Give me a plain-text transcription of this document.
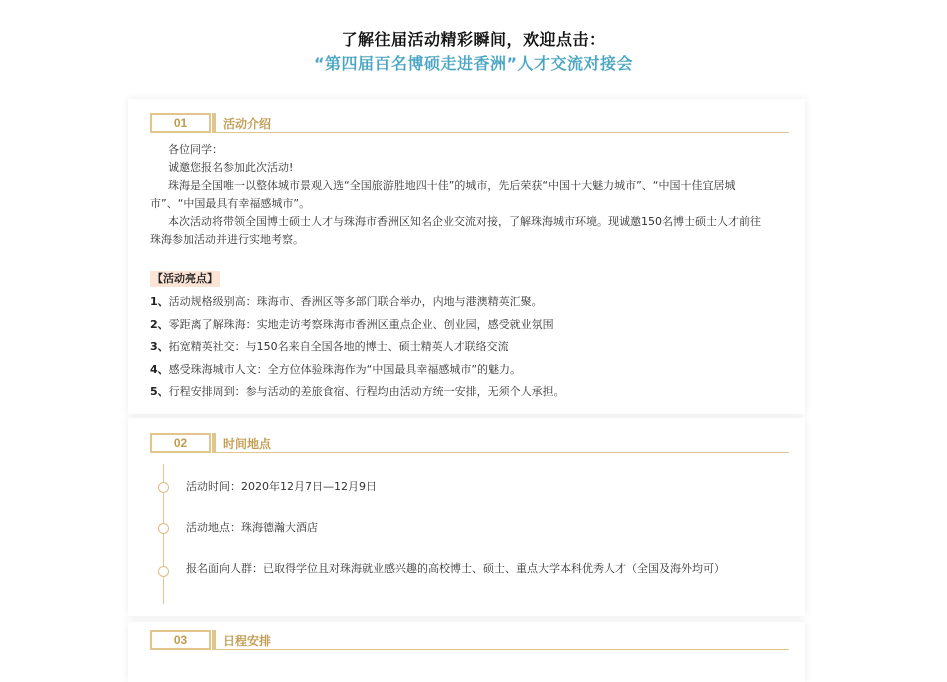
了解往届活动精彩瞬间，欢迎点击：
“第四届百名博硕走进香洲”人才交流对接会
01	活动介绍

各位同学：

诚邀您报名参加此次活动!

珠海是全国唯一以整体城市景观入选“全国旅游胜地四十佳”的城市，先后荣获“中国十大魅力城市”、“中国十佳宜居城市”、“中国最具有幸福感城市”。

本次活动将带领全国博士硕士人才与珠海市香洲区知名企业交流对接，了解珠海城市环境。现诚邀150名博士硕士人才前往珠海参加活动并进行实地考察。

【活动亮点】
1、活动规格级别高：珠海市、香洲区等多部门联合举办，内地与港澳精英汇聚。
2、零距离了解珠海：实地走访考察珠海市香洲区重点企业、创业园，感受就业氛围
3、拓宽精英社交：与150名来自全国各地的博士、硕士精英人才联络交流
4、感受珠海城市人文：全方位体验珠海作为“中国最具幸福感城市”的魅力。
5、行程安排周到：参与活动的差旅食宿、行程均由活动方统一安排，无须个人承担。
02	时间地点
活动时间：2020年12月7日—12月9日
活动地点：珠海德瀚大酒店
报名面向人群：已取得学位且对珠海就业感兴趣的高校博士、硕士、重点大学本科优秀人才（全国及海外均可）
03	日程安排
